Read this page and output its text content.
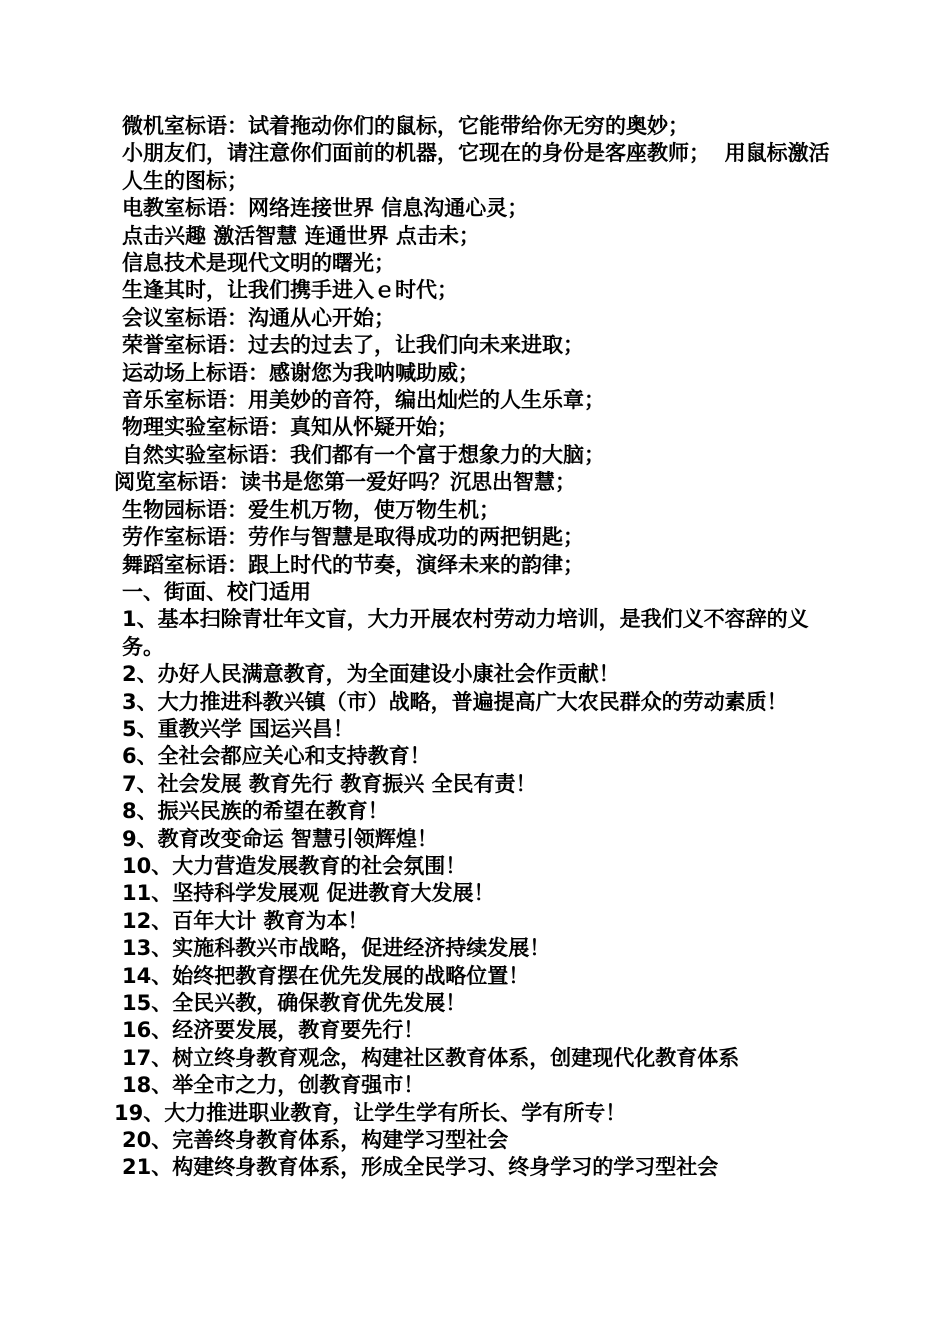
微机室标语：试着拖动你们的鼠标，它能带给你无穷的奥妙；
小朋友们，请注意你们面前的机器，它现在的身份是客座教师；  用鼠标激活人生的图标；
电教室标语：网络连接世界 信息沟通心灵；
点击兴趣 激活智慧 连通世界 点击未；
信息技术是现代文明的曙光；
生逢其时，让我们携手进入ｅ时代；
会议室标语：沟通从心开始；
荣誉室标语：过去的过去了，让我们向未来进取；
运动场上标语：感谢您为我呐喊助威；
音乐室标语：用美妙的音符，编出灿烂的人生乐章；
物理实验室标语：真知从怀疑开始；
自然实验室标语：我们都有一个富于想象力的大脑；
阅览室标语：读书是您第一爱好吗？沉思出智慧；
生物园标语：爱生机万物，使万物生机；
劳作室标语：劳作与智慧是取得成功的两把钥匙；
舞蹈室标语：跟上时代的节奏，演绎未来的韵律；
一、街面、校门适用
1、基本扫除青壮年文盲，大力开展农村劳动力培训，是我们义不容辞的义务。
2、办好人民满意教育，为全面建设小康社会作贡献！
3、大力推进科教兴镇（市）战略，普遍提高广大农民群众的劳动素质！
5、重教兴学 国运兴昌！
6、全社会都应关心和支持教育！
7、社会发展 教育先行 教育振兴 全民有责！
8、振兴民族的希望在教育！
9、教育改变命运 智慧引领辉煌！
10、大力营造发展教育的社会氛围！
11、坚持科学发展观 促进教育大发展！
12、百年大计 教育为本！
13、实施科教兴市战略，促进经济持续发展！
14、始终把教育摆在优先发展的战略位置！
15、全民兴教，确保教育优先发展！
16、经济要发展，教育要先行！
17、树立终身教育观念，构建社区教育体系，创建现代化教育体系
18、举全市之力，创教育强市！
19、大力推进职业教育，让学生学有所长、学有所专！
20、完善终身教育体系，构建学习型社会
21、构建终身教育体系，形成全民学习、终身学习的学习型社会
